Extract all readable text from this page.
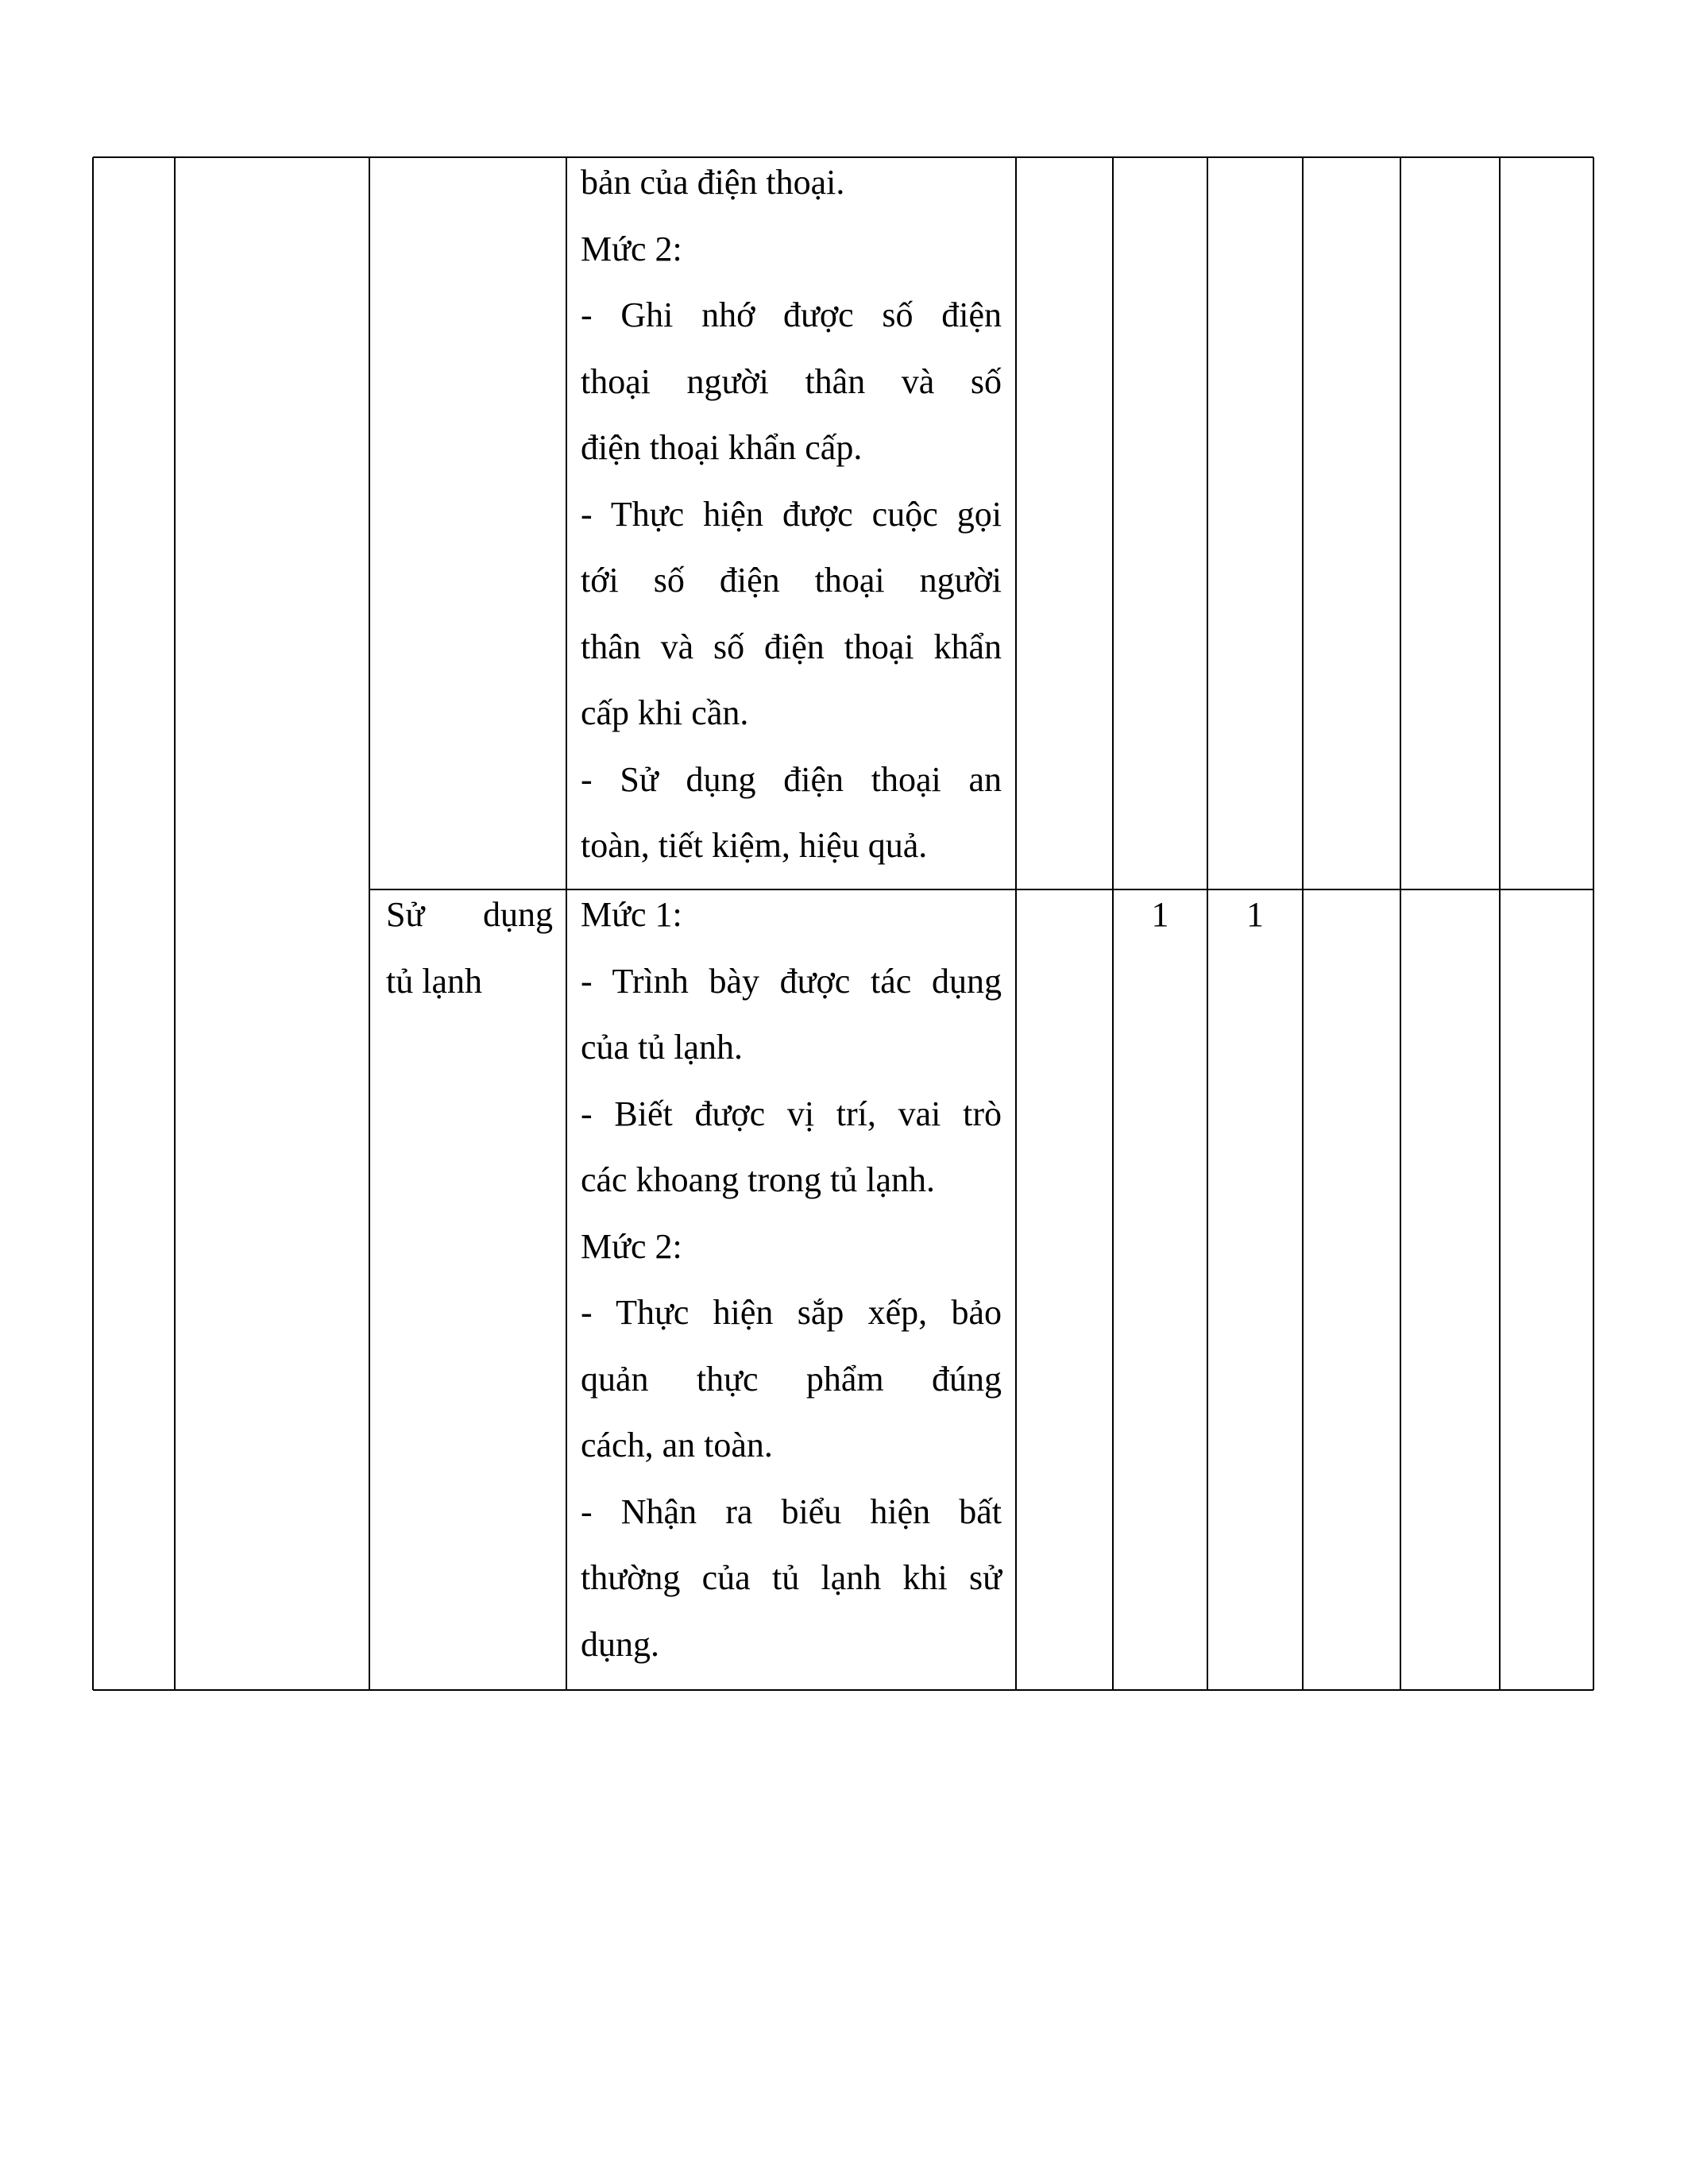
bản của điện thoại.
Mức 2:
- Ghi nhớ được số điện
thoại người thân và số
điện thoại khẩn cấp.
- Thực hiện được cuộc gọi
tới số điện thoại người
thân và số điện thoại khẩn
cấp khi cần.
- Sử dụng điện thoại an
toàn, tiết kiệm, hiệu quả.
Sử dụng
tủ lạnh
Mức 1:
- Trình bày được tác dụng
của tủ lạnh.
- Biết được vị trí, vai trò
các khoang trong tủ lạnh.
Mức 2:
- Thực hiện sắp xếp, bảo
quản thực phẩm đúng
cách, an toàn.
- Nhận ra biểu hiện bất
thường của tủ lạnh khi sử
dụng.
1	1
